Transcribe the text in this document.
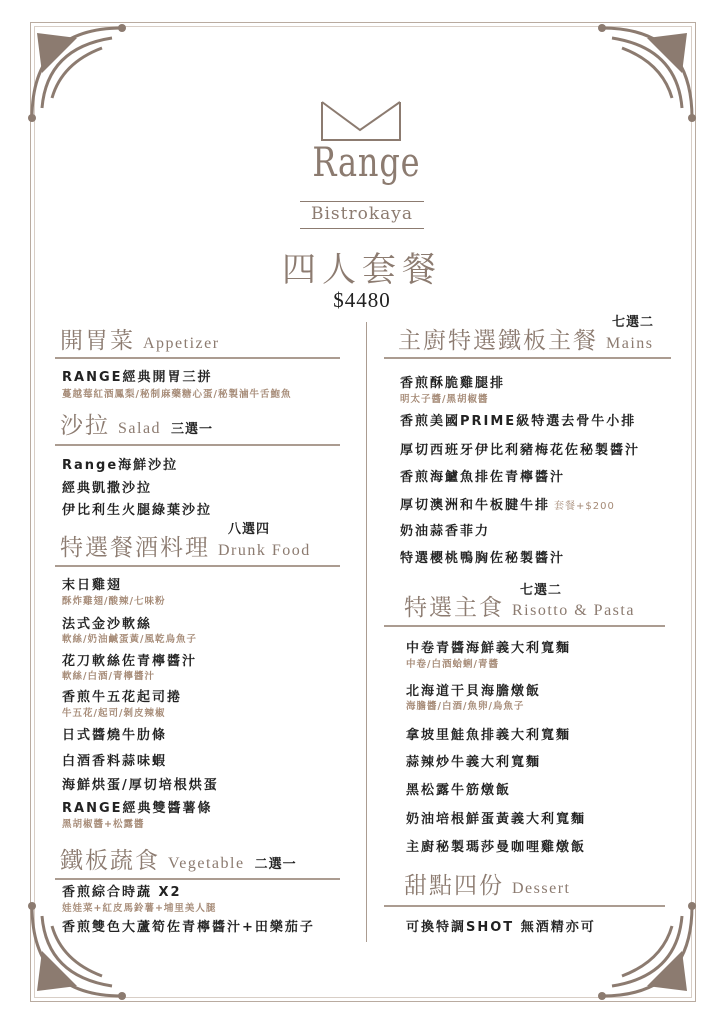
Range
Bistrokaya
四人套餐
$4480
開胃菜 Appetizer
RANGE經典開胃三拼
蔓越莓紅酒鳳梨/秘制麻藥糖心蛋/秘製滷牛舌鮑魚
沙拉 Salad 三選一
Range海鮮沙拉
經典凱撒沙拉
伊比利生火腿綠葉沙拉
特選餐酒料理 Drunk Food
八選四
末日雞翅
酥炸雞翅/酸辣/七味粉
法式金沙軟絲
軟絲/奶油鹹蛋黃/風乾烏魚子
花刀軟絲佐青檸醬汁
軟絲/白酒/青檸醬汁
香煎牛五花起司捲
牛五花/起司/剝皮辣椒
日式醬燒牛肋條
白酒香料蒜味蝦
海鮮烘蛋/厚切培根烘蛋
RANGE經典雙醬薯條
黑胡椒醬+松露醬
鐵板蔬食 Vegetable 二選一
香煎綜合時蔬 X2
娃娃菜+紅皮馬鈴薯+埔里美人腿
香煎雙色大蘆筍佐青檸醬汁+田樂茄子
主廚特選鐵板主餐 Mains
七選二
香煎酥脆雞腿排
明太子醬/黑胡椒醬
香煎美國PRIME級特選去骨牛小排
厚切西班牙伊比利豬梅花佐秘製醬汁
香煎海鱸魚排佐青檸醬汁
厚切澳洲和牛板腱牛排 套餐+$200
奶油蒜香菲力
特選櫻桃鴨胸佐秘製醬汁
特選主食 Risotto & Pasta
七選二
中卷青醬海鮮義大利寬麵
中卷/白酒蛤蜊/青醬
北海道干貝海膽燉飯
海膽醬/白酒/魚卵/烏魚子
拿坡里鮭魚排義大利寬麵
蒜辣炒牛義大利寬麵
黑松露牛筋燉飯
奶油培根鮮蛋黃義大利寬麵
主廚秘製瑪莎曼咖哩雞燉飯
甜點四份 Dessert
可換特調SHOT 無酒精亦可
